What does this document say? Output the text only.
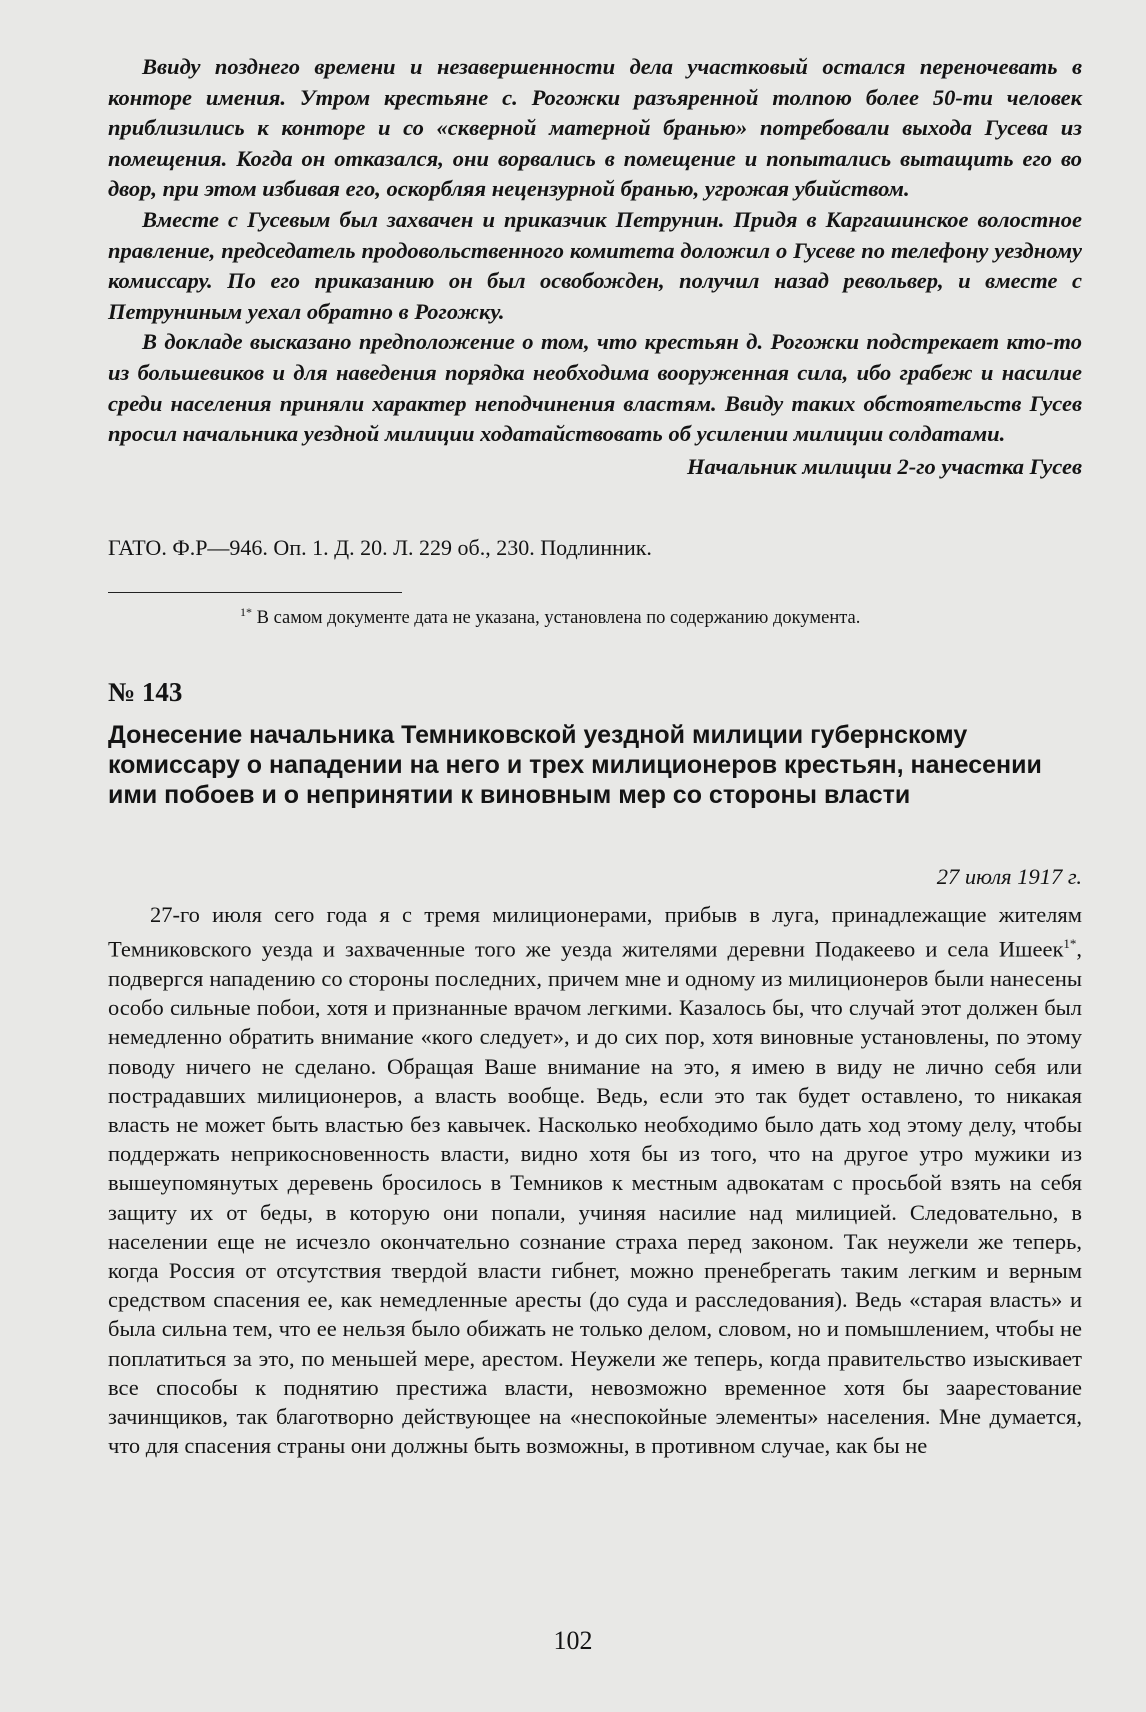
Ввиду позднего времени и незавершенности дела участковый остался переночевать в конторе имения. Утром крестьяне с. Рогожки разъяренной толпою более 50-ти человек приблизились к конторе и со «скверной матерной бранью» потребовали выхода Гусева из помещения. Когда он отказался, они ворвались в помещение и попытались вытащить его во двор, при этом избивая его, оскорбляя нецензурной бранью, угрожая убийством.

Вместе с Гусевым был захвачен и приказчик Петрунин. Придя в Каргашинское волостное правление, председатель продовольственного комитета доложил о Гусеве по телефону уездному комиссару. По его приказанию он был освобожден, получил назад револьвер, и вместе с Петруниным уехал обратно в Рогожку.

В докладе высказано предположение о том, что крестьян д. Рогожки подстрекает кто-то из большевиков и для наведения порядка необходима вооруженная сила, ибо грабеж и насилие среди населения приняли характер неподчинения властям. Ввиду таких обстоятельств Гусев просил начальника уездной милиции ходатайствовать об усилении милиции солдатами.

Начальник милиции 2-го участка Гусев
ГАТО. Ф.Р—946. Оп. 1. Д. 20. Л. 229 об., 230. Подлинник.
$^{1*}$ В самом документе дата не указана, установлена по содержанию документа.
№ 143
Донесение начальника Темниковской уездной милиции губернскому комиссару о нападении на него и трех милиционеров крестьян, нанесении ими побоев и о непринятии к виновным мер со стороны власти
27 июля 1917 г.

27-го июля сего года я с тремя милиционерами, прибыв в луга, принадлежащие жителям Темниковского уезда и захваченные того же уезда жителями деревни Подакеево и села Ишеек$^{1*}$, подвергся нападению со стороны последних, причем мне и одному из милиционеров были нанесены особо сильные побои, хотя и признанные врачом легкими. Казалось бы, что случай этот должен был немедленно обратить внимание «кого следует», и до сих пор, хотя виновные установлены, по этому поводу ничего не сделано. Обращая Ваше внимание на это, я имею в виду не лично себя или пострадавших милиционеров, а власть вообще. Ведь, если это так будет оставлено, то никакая власть не может быть властью без кавычек. Насколько необходимо было дать ход этому делу, чтобы поддержать неприкосновенность власти, видно хотя бы из того, что на другое утро мужики из вышеупомянутых деревень бросилось в Темников к местным адвокатам с просьбой взять на себя защиту их от беды, в которую они попали, учиняя насилие над милицией. Следовательно, в населении еще не исчезло окончательно сознание страха перед законом. Так неужели же теперь, когда Россия от отсутствия твердой власти гибнет, можно пренебрегать таким легким и верным средством спасения ее, как немедленные аресты (до суда и расследования). Ведь «старая власть» и была сильна тем, что ее нельзя было обижать не только делом, словом, но и помышлением, чтобы не поплатиться за это, по меньшей мере, арестом. Неужели же теперь, когда правительство изыскивает все способы к поднятию престижа власти, невозможно временное хотя бы заарестование зачинщиков, так благотворно действующее на «неспокойные элементы» населения. Мне думается, что для спасения страны они должны быть возможны, в противном случае, как бы не

102
